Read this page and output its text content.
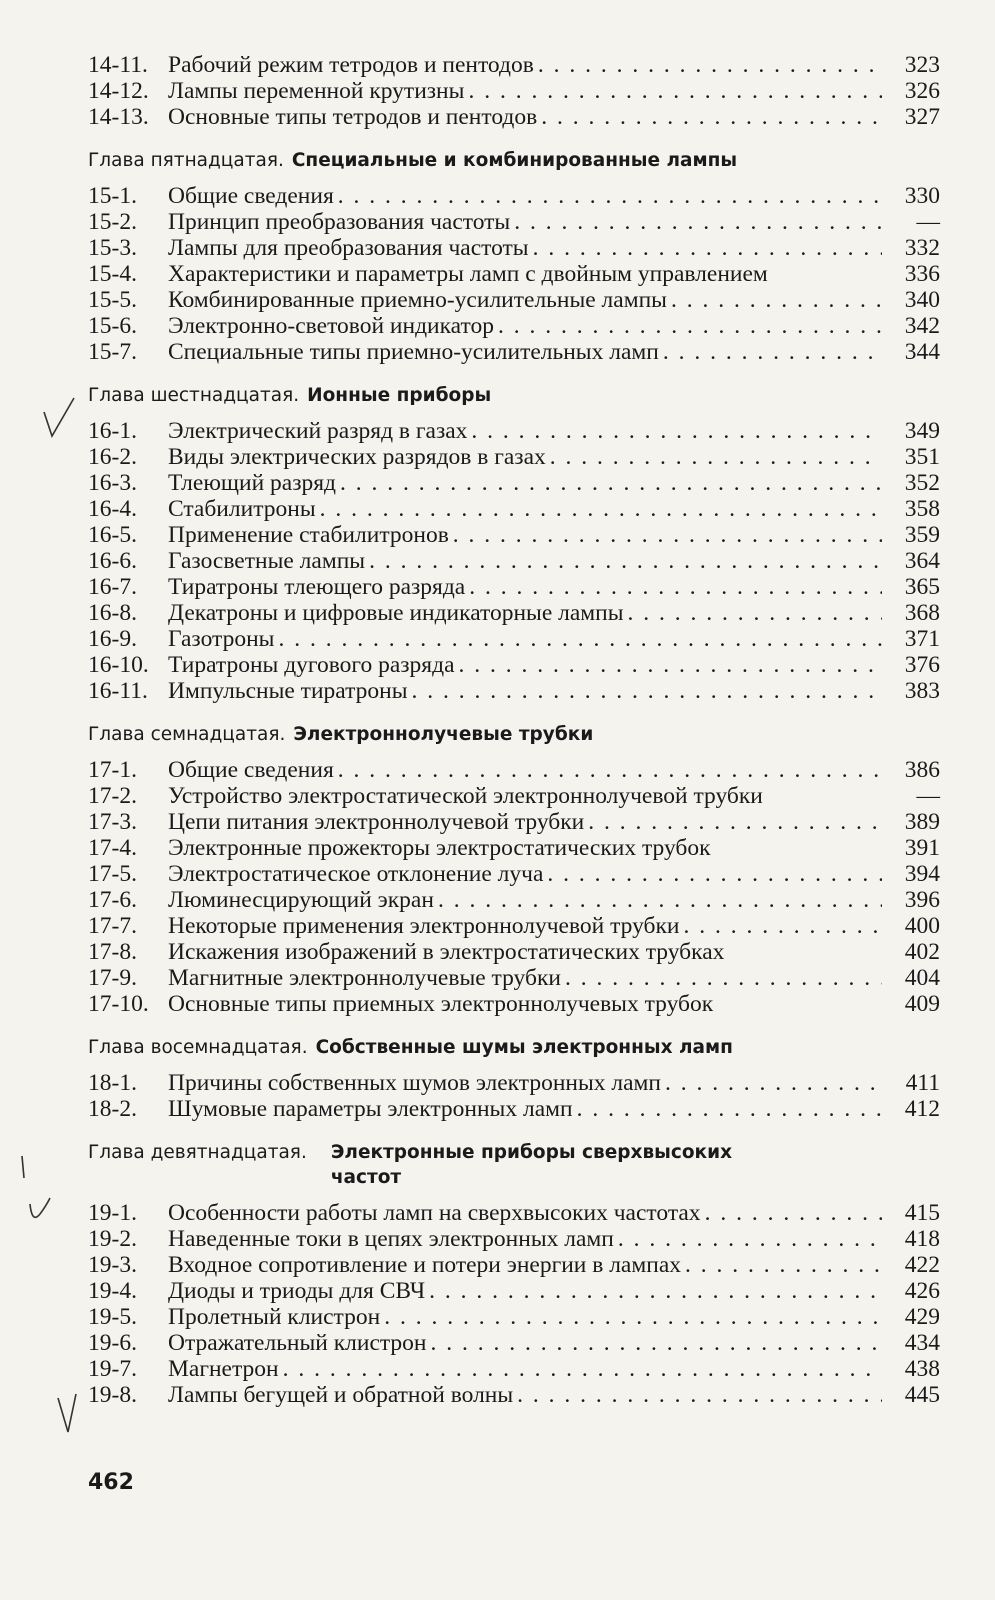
14-11. Рабочий режим тетродов и пентодов . . .	323
14-12. Лампы переменной крутизны . . .	326
14-13. Основные типы тетродов и пентодов . . .	327
Глава пятнадцатая. Специальные и комбинированные лампы
15-1.	Общие сведения . . .	330
15-2.	Принцип преобразования частоты . . .	—
15-3.	Лампы для преобразования частоты . . .	332
15-4.	Характеристики и параметры ламп с двойным управлением	336
15-5.	Комбинированные приемно-усилительные лампы . . .	340
15-6.	Электронно-световой индикатор . . .	342
15-7.	Специальные типы приемно-усилительных ламп . . .	344
Глава шестнадцатая. Ионные приборы
16-1.	Электрический разряд в газах . . .	349
16-2.	Виды электрических разрядов в газах . . .	351
16-3.	Тлеющий разряд . . .	352
16-4.	Стабилитроны . . .	358
16-5.	Применение стабилитронов . . .	359
16-6.	Газосветные лампы . . .	364
16-7.	Тиратроны тлеющего разряда . . .	365
16-8.	Декатроны и цифровые индикаторные лампы . . .	368
16-9.	Газотроны . . .	371
16-10. Тиратроны дугового разряда . . .	376
16-11. Импульсные тиратроны . . .	383
Глава семнадцатая. Электроннолучевые трубки
17-1.	Общие сведения . . .	386
17-2.	Устройство электростатической электроннолучевой трубки	—
17-3.	Цепи питания электроннолучевой трубки . . .	389
17-4.	Электронные прожекторы электростатических трубок	391
17-5.	Электростатическое отклонение луча . . .	394
17-6.	Люминесцирующий экран . . .	396
17-7.	Некоторые применения электроннолучевой трубки . . .	400
17-8.	Искажения изображений в электростатических трубках	402
17-9.	Магнитные электроннолучевые трубки . . .	404
17-10. Основные типы приемных электроннолучевых трубок	409
Глава восемнадцатая. Собственные шумы электронных ламп
18-1.	Причины собственных шумов электронных ламп . . .	411
18-2.	Шумовые параметры электронных ламп . . .	412
Глава девятнадцатая.	Электронные приборы сверхвысоких частот
19-1.	Особенности работы ламп на сверхвысоких частотах . . .	415
19-2.	Наведенные токи в цепях электронных ламп . . .	418
19-3.	Входное сопротивление и потери энергии в лампах . . .	422
19-4.	Диоды и триоды для СВЧ . . .	426
19-5.	Пролетный клистрон . . .	429
19-6.	Отражательный клистрон . . .	434
19-7.	Магнетрон . . .	438
19-8.	Лампы бегущей и обратной волны . . .	445
462
